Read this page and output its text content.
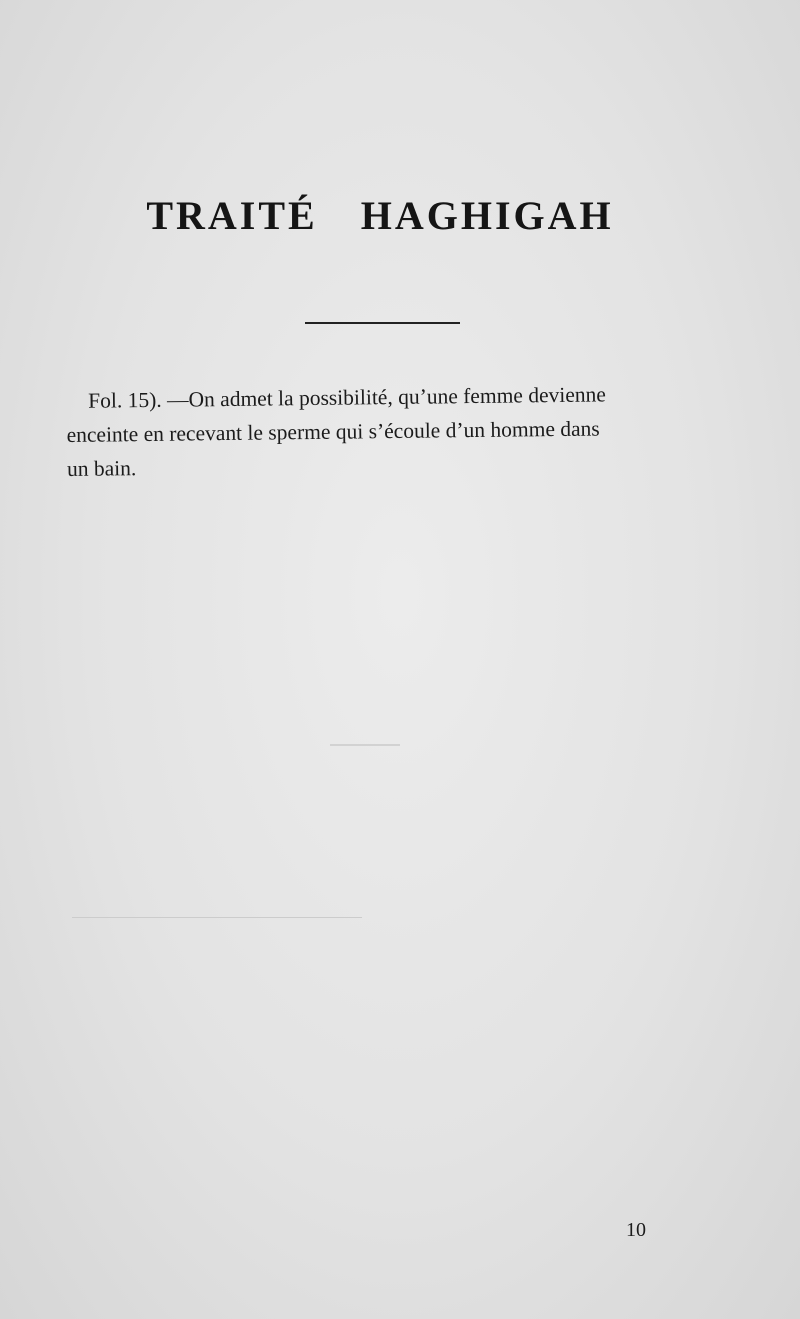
TRAITÉ HAGHIGAH
Fol. 15). —On admet la possibilité, qu’une femme devienne
enceinte en recevant le sperme qui s’écoule d’un homme dans
un bain.
10
